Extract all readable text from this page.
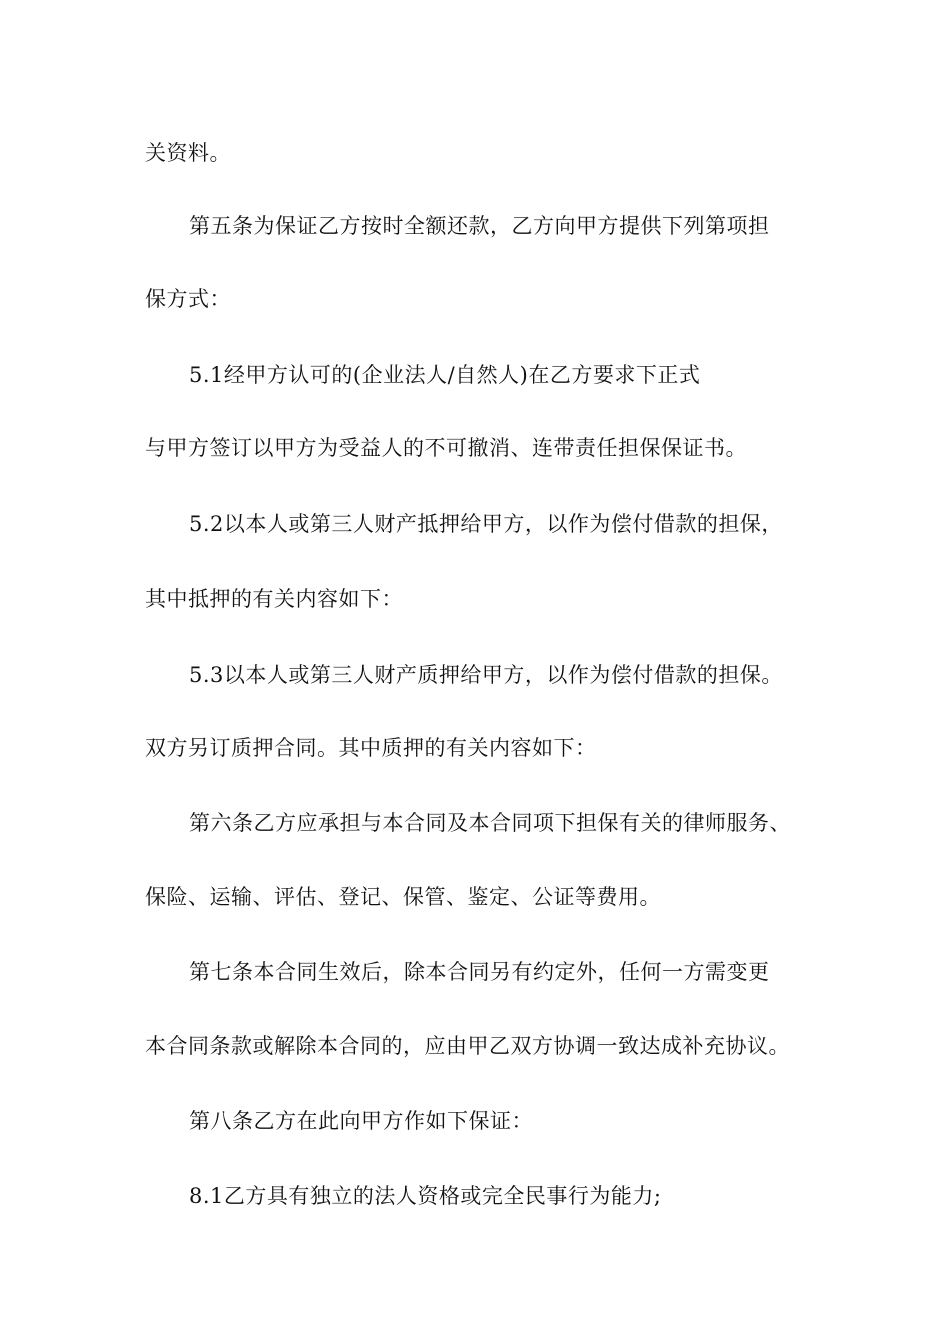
关资料。
第五条为保证乙方按时全额还款，乙方向甲方提供下列第项担
保方式：
5.1经甲方认可的(企业法人/自然人)在乙方要求下正式
与甲方签订以甲方为受益人的不可撤消、连带责任担保保证书。
5.2以本人或第三人财产抵押给甲方，以作为偿付借款的担保，
其中抵押的有关内容如下：
5.3以本人或第三人财产质押给甲方，以作为偿付借款的担保。
双方另订质押合同。其中质押的有关内容如下：
第六条乙方应承担与本合同及本合同项下担保有关的律师服务、
保险、运输、评估、登记、保管、鉴定、公证等费用。
第七条本合同生效后，除本合同另有约定外，任何一方需变更
本合同条款或解除本合同的，应由甲乙双方协调一致达成补充协议。
第八条乙方在此向甲方作如下保证：
8.1乙方具有独立的法人资格或完全民事行为能力;
